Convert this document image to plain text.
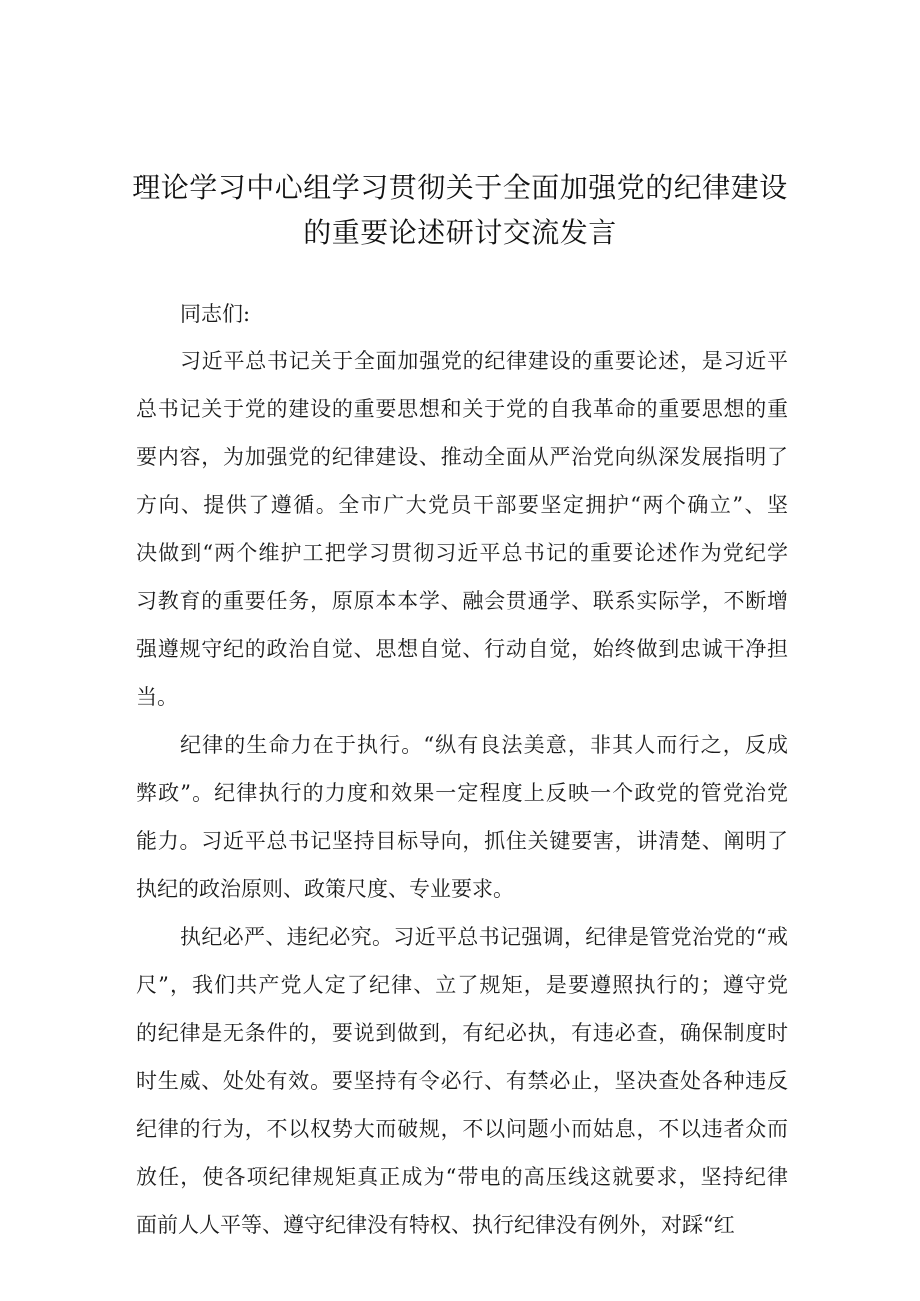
理论学习中心组学习贯彻关于全面加强党的纪律建设
的重要论述研讨交流发言
同志们:
习近平总书记关于全面加强党的纪律建设的重要论述，是习近平
总书记关于党的建设的重要思想和关于党的自我革命的重要思想的重
要内容，为加强党的纪律建设、推动全面从严治党向纵深发展指明了
方向、提供了遵循。全市广大党员干部要坚定拥护“两个确立”、坚
决做到“两个维护工把学习贯彻习近平总书记的重要论述作为党纪学
习教育的重要任务，原原本本学、融会贯通学、联系实际学，不断增
强遵规守纪的政治自觉、思想自觉、行动自觉，始终做到忠诚干净担
当。
纪律的生命力在于执行。“纵有良法美意，非其人而行之，反成
弊政”。纪律执行的力度和效果一定程度上反映一个政党的管党治党
能力。习近平总书记坚持目标导向，抓住关键要害，讲清楚、阐明了
执纪的政治原则、政策尺度、专业要求。
执纪必严、违纪必究。习近平总书记强调，纪律是管党治党的“戒
尺”，我们共产党人定了纪律、立了规矩，是要遵照执行的；遵守党
的纪律是无条件的，要说到做到，有纪必执，有违必查，确保制度时
时生威、处处有效。要坚持有令必行、有禁必止，坚决查处各种违反
纪律的行为，不以权势大而破规，不以问题小而姑息，不以违者众而
放任，使各项纪律规矩真正成为“带电的高压线这就要求，坚持纪律
面前人人平等、遵守纪律没有特权、执行纪律没有例外，对踩“红
